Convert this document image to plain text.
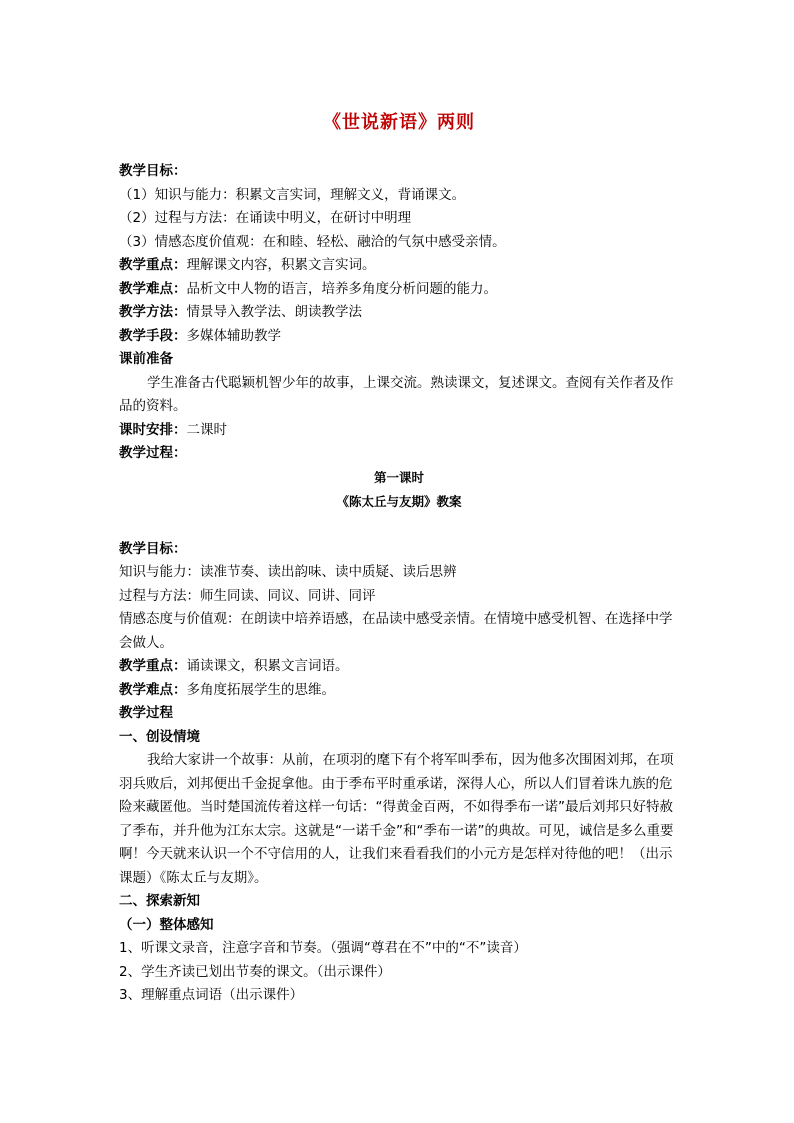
《世说新语》两则
教学目标：
（1）知识与能力：积累文言实词，理解文义，背诵课文。
（2）过程与方法：在诵读中明义，在研讨中明理
（3）情感态度价值观：在和睦、轻松、融洽的气氛中感受亲情。
教学重点：理解课文内容，积累文言实词。
教学难点：品析文中人物的语言，培养多角度分析问题的能力。
教学方法：情景导入教学法、朗读教学法
教学手段：多媒体辅助教学
课前准备
学生准备古代聪颖机智少年的故事，上课交流。熟读课文，复述课文。查阅有关作者及作品的资料。
课时安排：二课时
教学过程：
第一课时
《陈太丘与友期》教案
教学目标：
知识与能力：读准节奏、读出韵味、读中质疑、读后思辨
过程与方法：师生同读、同议、同讲、同评
情感态度与价值观：在朗读中培养语感，在品读中感受亲情。在情境中感受机智、在选择中学会做人。
教学重点：诵读课文，积累文言词语。
教学难点：多角度拓展学生的思维。
教学过程
一、创设情境
我给大家讲一个故事：从前，在项羽的麾下有个将军叫季布，因为他多次围困刘邦，在项羽兵败后，刘邦便出千金捉拿他。由于季布平时重承诺，深得人心，所以人们冒着诛九族的危险来藏匿他。当时楚国流传着这样一句话：“得黄金百两，不如得季布一诺”最后刘邦只好特赦了季布，并升他为江东太宗。这就是“一诺千金”和“季布一诺”的典故。可见，诚信是多么重要啊！今天就来认识一个不守信用的人，让我们来看看我们的小元方是怎样对待他的吧！（出示课题）《陈太丘与友期》。
二、探索新知
（一）整体感知
1、听课文录音，注意字音和节奏。（强调“尊君在不”中的“不”读音）
2、学生齐读已划出节奏的课文。（出示课件）
3、理解重点词语（出示课件）
